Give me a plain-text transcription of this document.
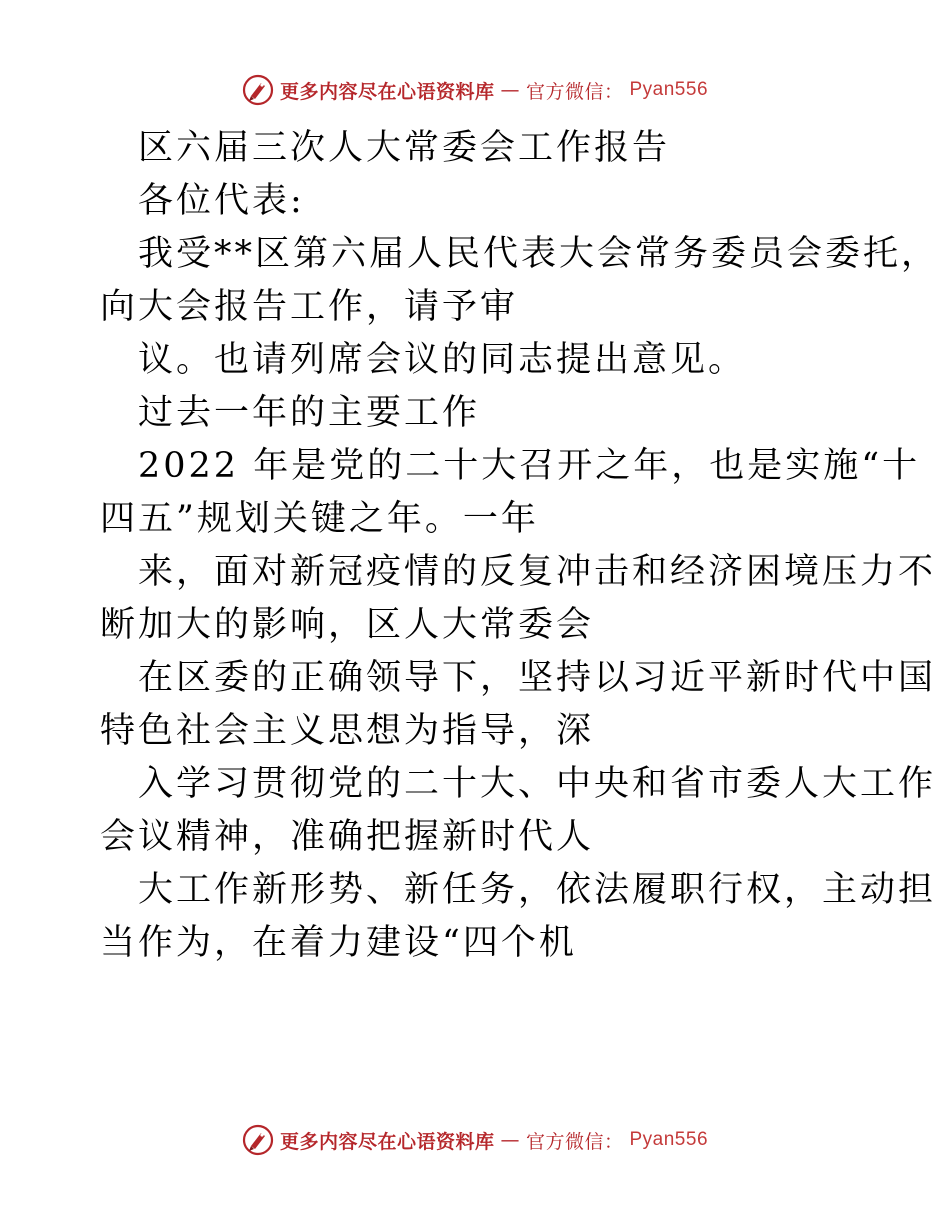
更多内容尽在心语资料库 — 官方微信： Pyan556

区六届三次人大常委会工作报告

各位代表:

我受**区第六届人民代表大会常务委员会委托，

向大会报告工作，请予审

议。也请列席会议的同志提出意见。

过去一年的主要工作

2022 年是党的二十大召开之年，也是实施“十

四五”规划关键之年。一年

来，面对新冠疫情的反复冲击和经济困境压力不

断加大的影响，区人大常委会

在区委的正确领导下，坚持以习近平新时代中国

特色社会主义思想为指导，深

入学习贯彻党的二十大、中央和省市委人大工作

会议精神，准确把握新时代人

大工作新形势、新任务，依法履职行权，主动担

当作为，在着力建设“四个机

更多内容尽在心语资料库 — 官方微信： Pyan556
